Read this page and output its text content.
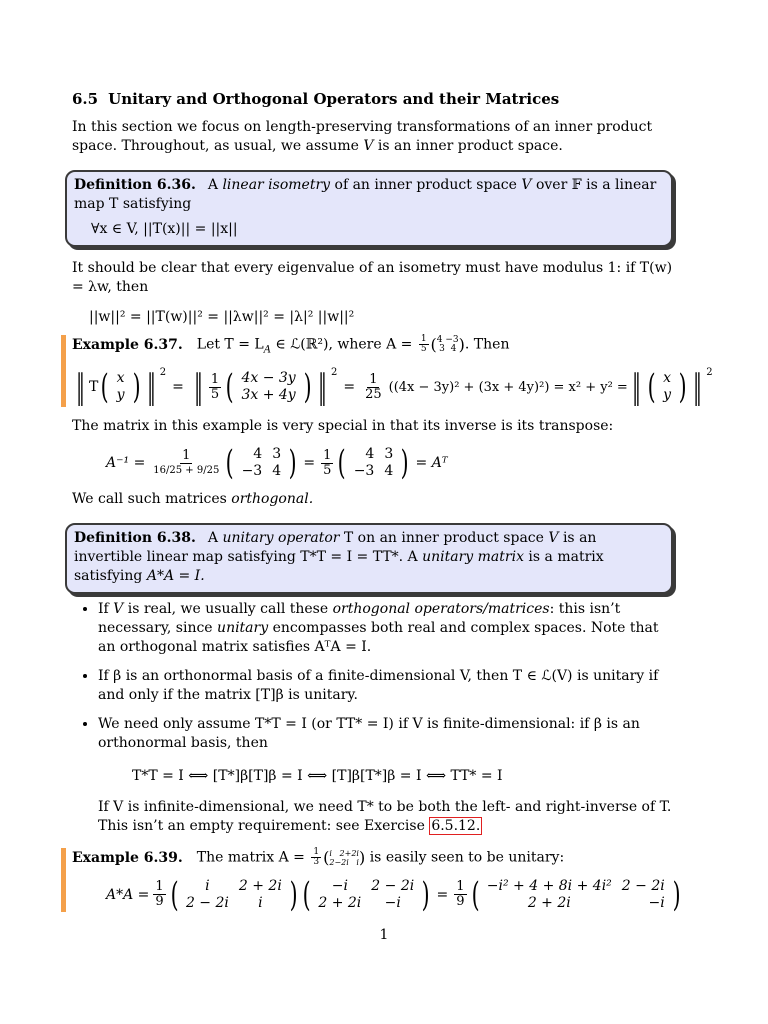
6.5 Unitary and Orthogonal Operators and their Matrices

In this section we focus on length-preserving transformations of an inner product space. Throughout, as usual, we assume V is an inner product space.

Definition 6.36. A linear isometry of an inner product space V over 𝔽 is a linear map T satisfying

∀x ∈ V, ||T(x)|| = ||x||

It should be clear that every eigenvalue of an isometry must have modulus 1: if T(w) = λw, then

||w||² = ||T(w)||² = ||λw||² = |λ|² ||w||²

Example 6.37. Let $T = L_A$ ∈ ℒ(ℝ²), where $A = \frac{1}{5}$ ( 4 −3
3  4 ) . Then

‖ T ( x
y ) ‖ $^2$
= ‖ $\frac{1}{5}$ ( 4x − 3y
3x + 4y ) ‖ $^2$
= $\frac{1}{25} ((4x - 3y)^2 + (3x + 4y)^2) = x^2 + y^2$ = ‖ ( x
y ) ‖ $^2$

The matrix in this example is very special in that its inverse is its transpose:

$A^{-1} = \frac{1}{16/25 + 9/25}$ ( 4	3
−3	4 ) = $\frac{1}{5}$ ( 4	3
−3	4 ) = Aᵀ

We call such matrices orthogonal.

Definition 6.38. A unitary operator T on an inner product space V is an invertible linear map satisfying T*T = I = TT*. A unitary matrix is a matrix satisfying A*A = I.

• If V is real, we usually call these orthogonal operators/matrices: this isn’t necessary, since unitary encompasses both real and complex spaces. Note that an orthogonal matrix satisfies AᵀA = I.
• If β is an orthonormal basis of a finite-dimensional V, then T ∈ ℒ(V) is unitary if and only if the matrix [T]β is unitary.
• We need only assume T*T = I (or TT* = I) if V is finite-dimensional: if β is an orthonormal basis, then
T*T = I ⟺ [T*]β[T]β = I ⟺ [T]β[T*]β = I ⟺ TT* = I
If V is infinite-dimensional, we need T* to be both the left- and right-inverse of T. This isn’t an empty requirement: see Exercise 6.5.12.

Example 6.39. The matrix $A = \frac{1}{3}$ ( i   2+2i
2−2i   i ) is easily seen to be unitary:

$A*A = \frac{1}{9}$ ( i	2 + 2i
2 − 2i	i ) ( −i	2 − 2i
2 + 2i	−i ) = $\frac{1}{9}$ ( −i² + 4 + 8i + 4i²	2 − 2i
2 + 2i	−i )
1
